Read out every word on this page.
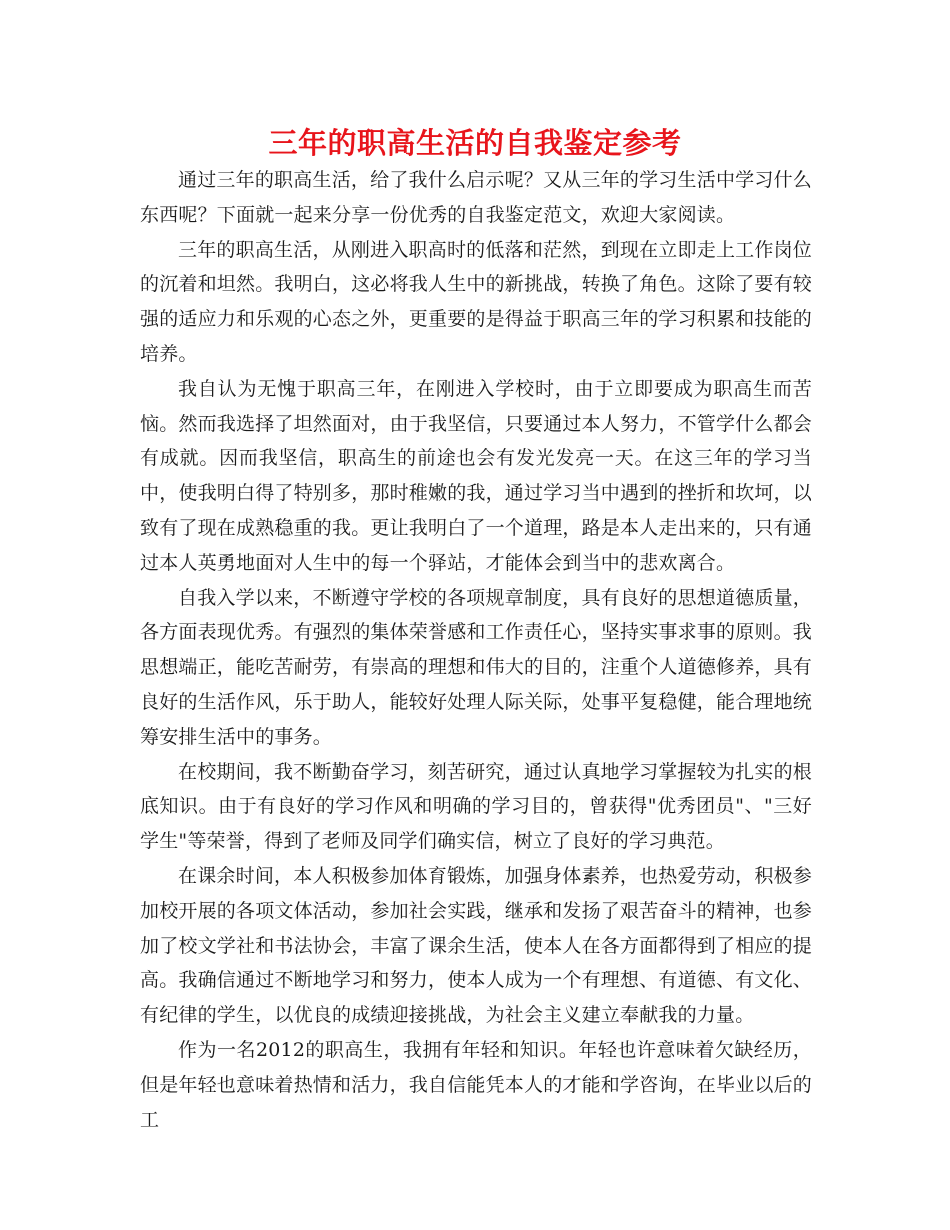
三年的职高生活的自我鉴定参考

通过三年的职高生活，给了我什么启示呢？又从三年的学习生活中学习什么东西呢？下面就一起来分享一份优秀的自我鉴定范文，欢迎大家阅读。

三年的职高生活，从刚进入职高时的低落和茫然，到现在立即走上工作岗位的沉着和坦然。我明白，这必将我人生中的新挑战，转换了角色。这除了要有较强的适应力和乐观的心态之外，更重要的是得益于职高三年的学习积累和技能的培养。

我自认为无愧于职高三年，在刚进入学校时，由于立即要成为职高生而苦恼。然而我选择了坦然面对，由于我坚信，只要通过本人努力，不管学什么都会有成就。因而我坚信，职高生的前途也会有发光发亮一天。在这三年的学习当中，使我明白得了特别多，那时稚嫩的我，通过学习当中遇到的挫折和坎坷，以致有了现在成熟稳重的我。更让我明白了一个道理，路是本人走出来的，只有通过本人英勇地面对人生中的每一个驿站，才能体会到当中的悲欢离合。

自我入学以来，不断遵守学校的各项规章制度，具有良好的思想道德质量，各方面表现优秀。有强烈的集体荣誉感和工作责任心，坚持实事求事的原则。我思想端正，能吃苦耐劳，有崇高的理想和伟大的目的，注重个人道德修养，具有良好的生活作风，乐于助人，能较好处理人际关际，处事平复稳健，能合理地统筹安排生活中的事务。

在校期间，我不断勤奋学习，刻苦研究，通过认真地学习掌握较为扎实的根底知识。由于有良好的学习作风和明确的学习目的，曾获得"优秀团员"、"三好学生"等荣誉，得到了老师及同学们确实信，树立了良好的学习典范。

在课余时间，本人积极参加体育锻炼，加强身体素养，也热爱劳动，积极参加校开展的各项文体活动，参加社会实践，继承和发扬了艰苦奋斗的精神，也参加了校文学社和书法协会，丰富了课余生活，使本人在各方面都得到了相应的提高。我确信通过不断地学习和努力，使本人成为一个有理想、有道德、有文化、有纪律的学生，以优良的成绩迎接挑战，为社会主义建立奉献我的力量。

作为一名2012的职高生，我拥有年轻和知识。年轻也许意味着欠缺经历，但是年轻也意味着热情和活力，我自信能凭本人的才能和学咨询，在毕业以后的工
